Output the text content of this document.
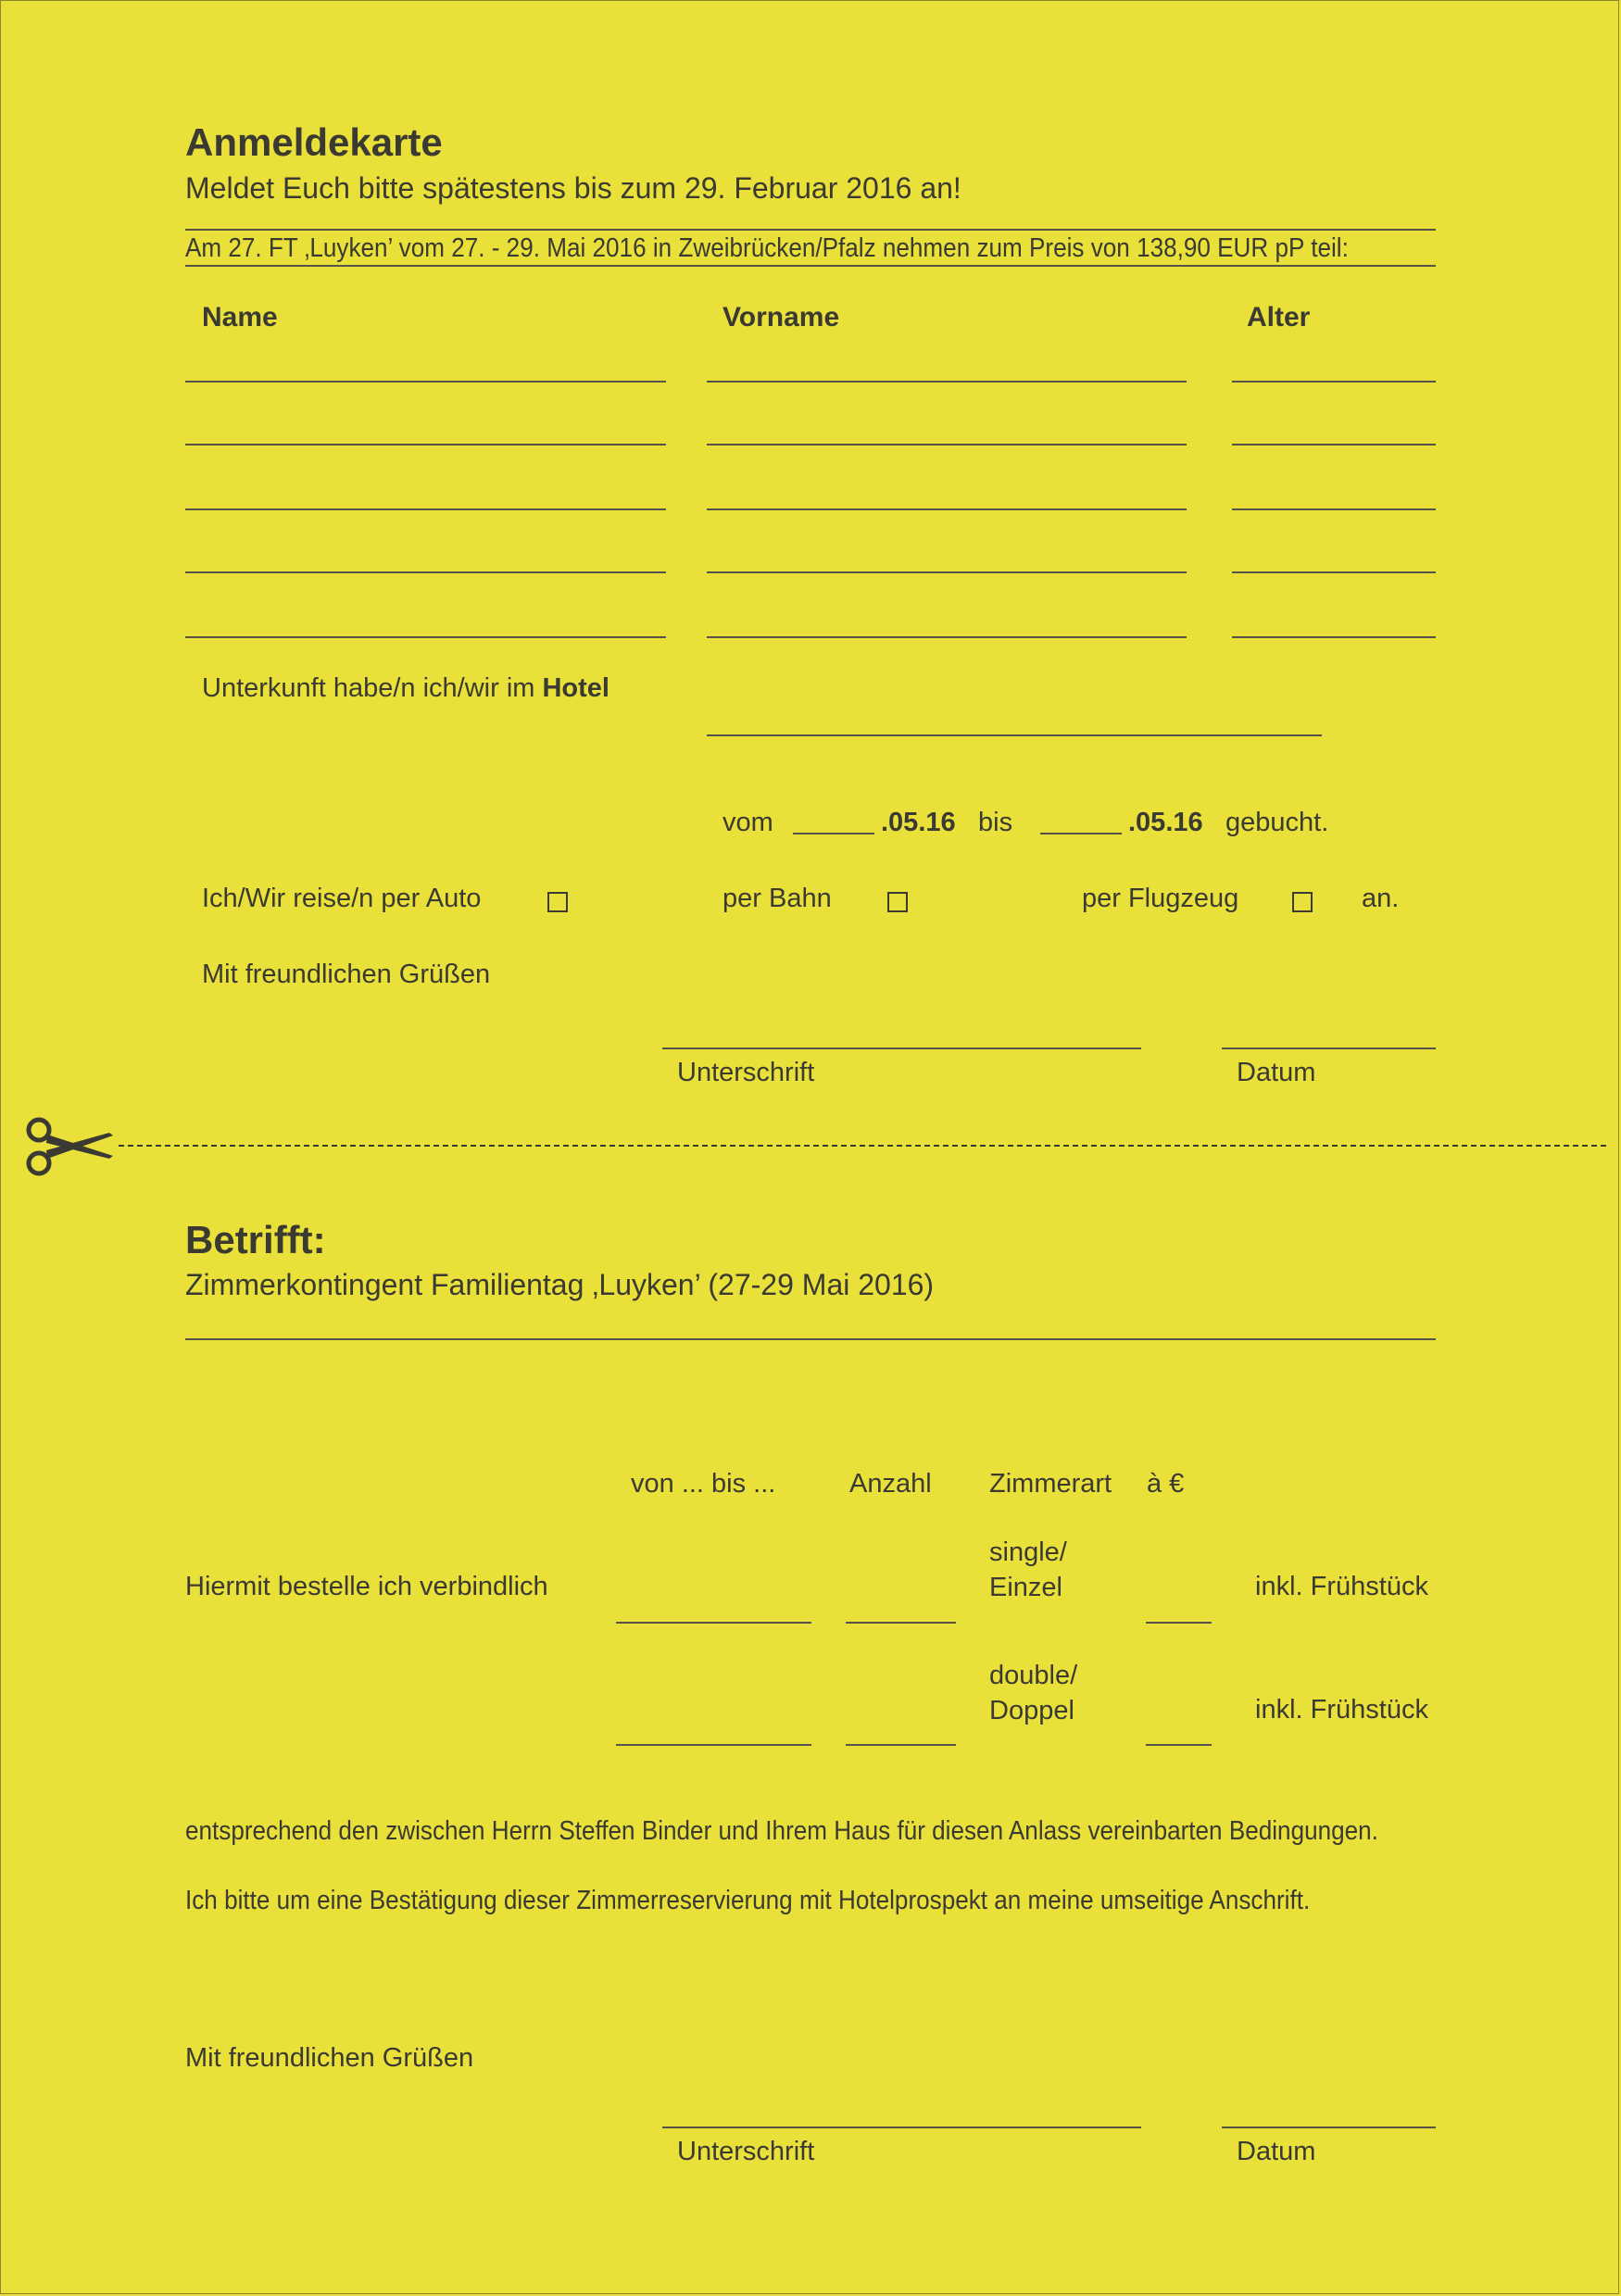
Anmeldekarte
Meldet Euch bitte spätestens bis zum 29. Februar 2016 an!
Am 27. FT ‚Luyken’ vom 27. - 29. Mai 2016 in Zweibrücken/Pfalz nehmen zum Preis von 138,90 EUR pP teil:
Name	Vorname	Alter
Unterkunft habe/n ich/wir im Hotel
vom	.05.16 bis	.05.16 gebucht.
Ich/Wir reise/n per Auto	per Bahn	per Flugzeug	an.
Mit freundlichen Grüßen
Unterschrift	Datum
Betrifft:
Zimmerkontingent Familientag ‚Luyken’ (27-29 Mai 2016)
von ... bis ...	Anzahl Zimmerart à €
Hiermit bestelle ich verbindlich
single/
Einzel	inkl. Frühstück
double/
Doppel	inkl. Frühstück
entsprechend den zwischen Herrn Steffen Binder und Ihrem Haus für diesen Anlass vereinbarten Bedingungen.
Ich bitte um eine Bestätigung dieser Zimmerreservierung mit Hotelprospekt an meine umseitige Anschrift.
Mit freundlichen Grüßen
Unterschrift	Datum
